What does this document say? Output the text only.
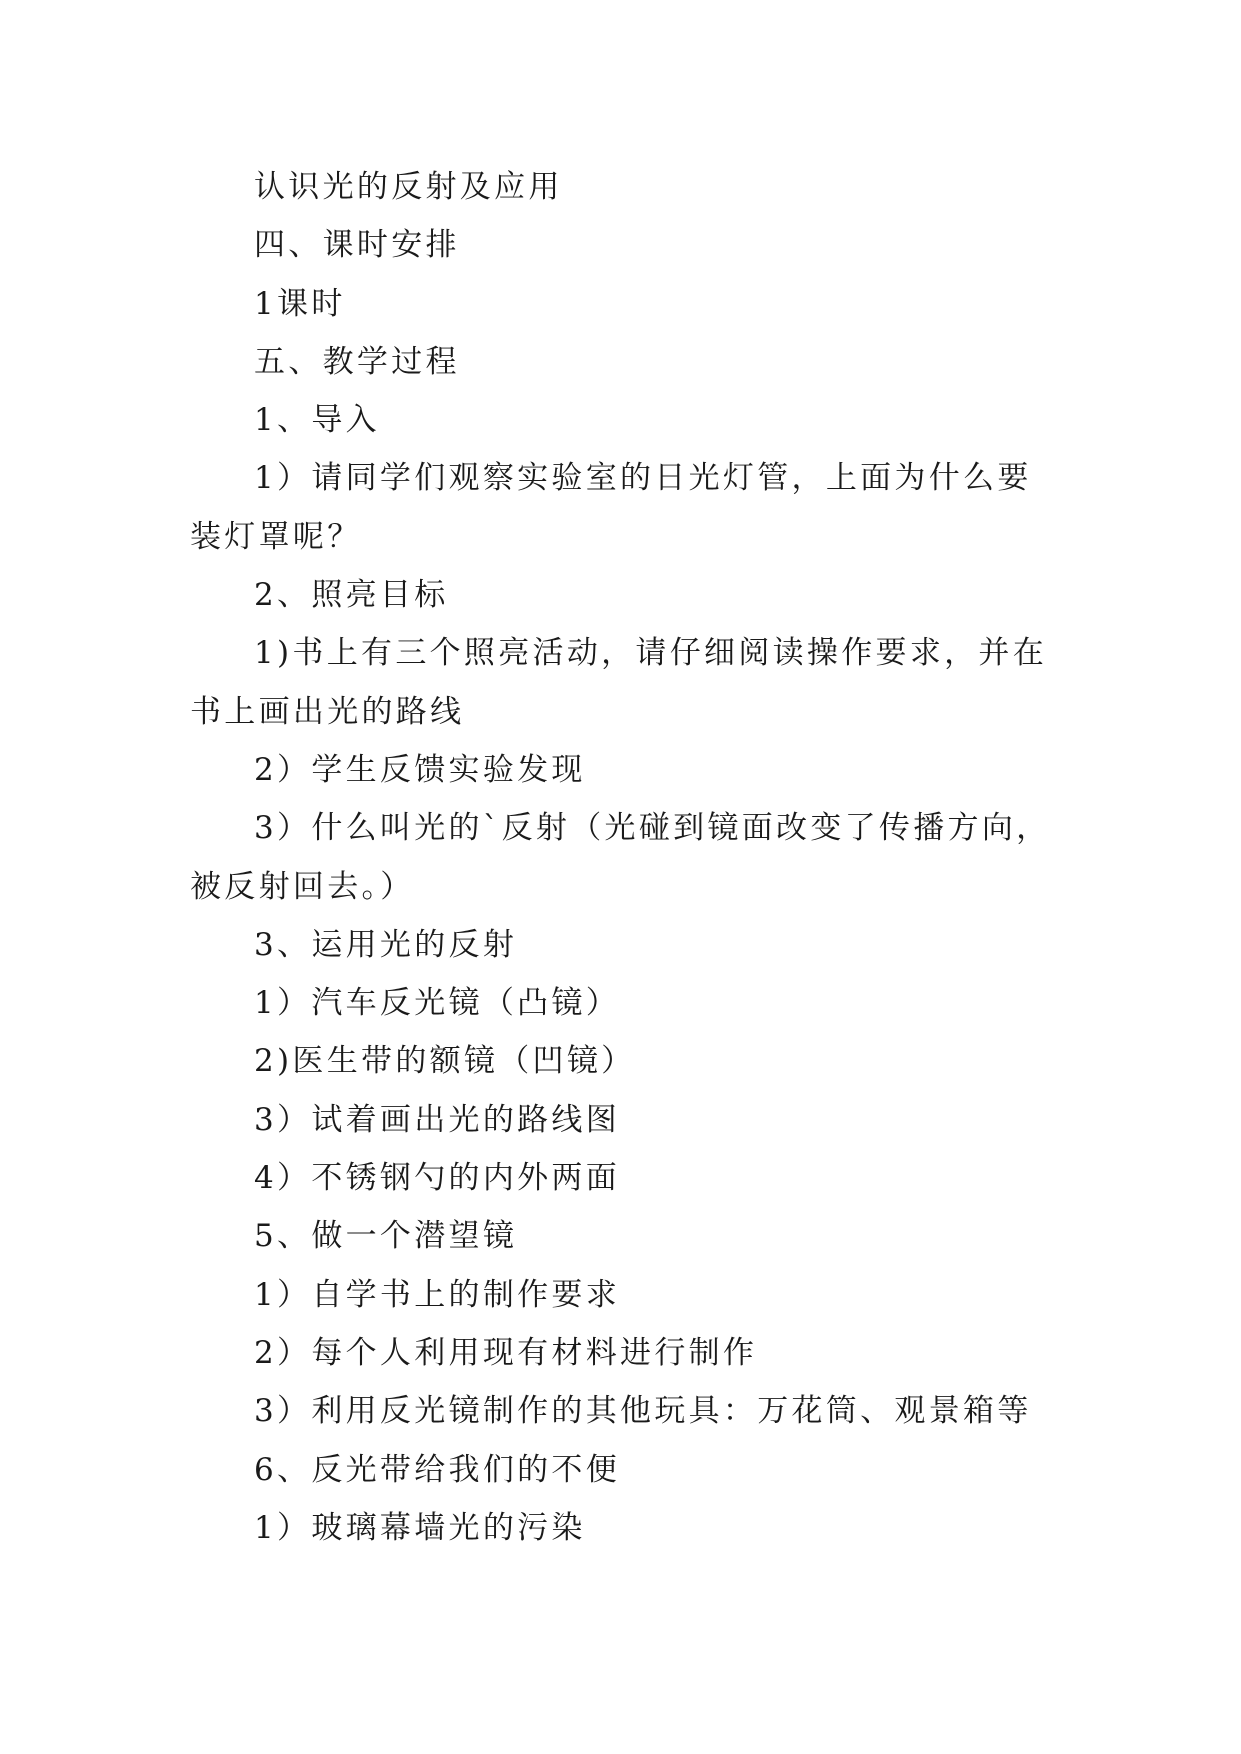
认识光的反射及应用

四、课时安排

1课时

五、教学过程

1、导入

1）请同学们观察实验室的日光灯管，上面为什么要装灯罩呢？

2、照亮目标

1)书上有三个照亮活动，请仔细阅读操作要求，并在书上画出光的路线

2）学生反馈实验发现

3）什么叫光的`反射（光碰到镜面改变了传播方向，被反射回去。）

3、运用光的反射

1）汽车反光镜（凸镜）

2)医生带的额镜（凹镜）

3）试着画出光的路线图

4）不锈钢勺的内外两面

5、做一个潜望镜

1）自学书上的制作要求

2）每个人利用现有材料进行制作

3）利用反光镜制作的其他玩具：万花筒、观景箱等

6、反光带给我们的不便

1）玻璃幕墙光的污染
